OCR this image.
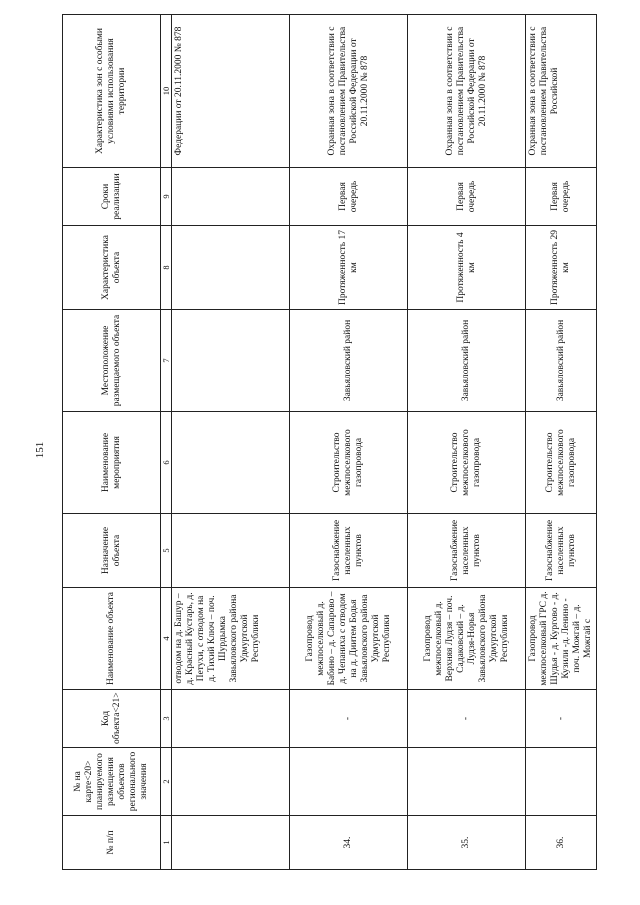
151
№ п/п	№ на карте<20> планируемого размещения объектов регионального значения	Код объекта<21>	Наименование объекта	Назначение объекта	Наименование мероприятия	Местоположение размещаемого объекта	Характеристика объекта	Сроки реализации	Характеристика зон с особыми условиями использования территории
1	2	3	4	5	6	7	8	9	10
			отводом на д. Башур – д. Красный Кустарь, д. Петухи, с отводом на д. Тихий Ключ – поч. Шурдымка Завьяловского района Удмуртской Республики						Федерации от 20.11.2000 № 878
34.		-	Газопровод межпоселковый д. Бабино – д. Сапарово – д. Чепаниха с отводом на д. Диитем Бодья Завьяловского района Удмуртской Республики	Газоснабжение населенных пунктов	Строительство межпоселкового газопровода	Завьяловский район	Протяженность 17 км	Первая очередь	Охранная зона в соответствии с постановлением Правительства Российской Федерации от 20.11.2000 № 878
35.		-	Газопровод межпоселковый д. Верхняя Лудзя – поч. Садаковский – д. Лудзя-Норья Завьяловского района Удмуртской Республики	Газоснабжение населенных пунктов	Строительство межпоселкового газопровода	Завьяловский район	Протяженность 4 км	Первая очередь	Охранная зона в соответствии с постановлением Правительства Российской Федерации от 20.11.2000 № 878
36.		-	Газопровод межпоселковый ГРС д. Шудья - д. Кургово - д. Кузили -д. Ленино - поч. Можгай – д. Можгай с	Газоснабжение населенных пунктов	Строительство межпоселкового газопровода	Завьяловский район	Протяженность 29 км	Первая очередь	Охранная зона в соответствии с постановлением Правительства Российской
